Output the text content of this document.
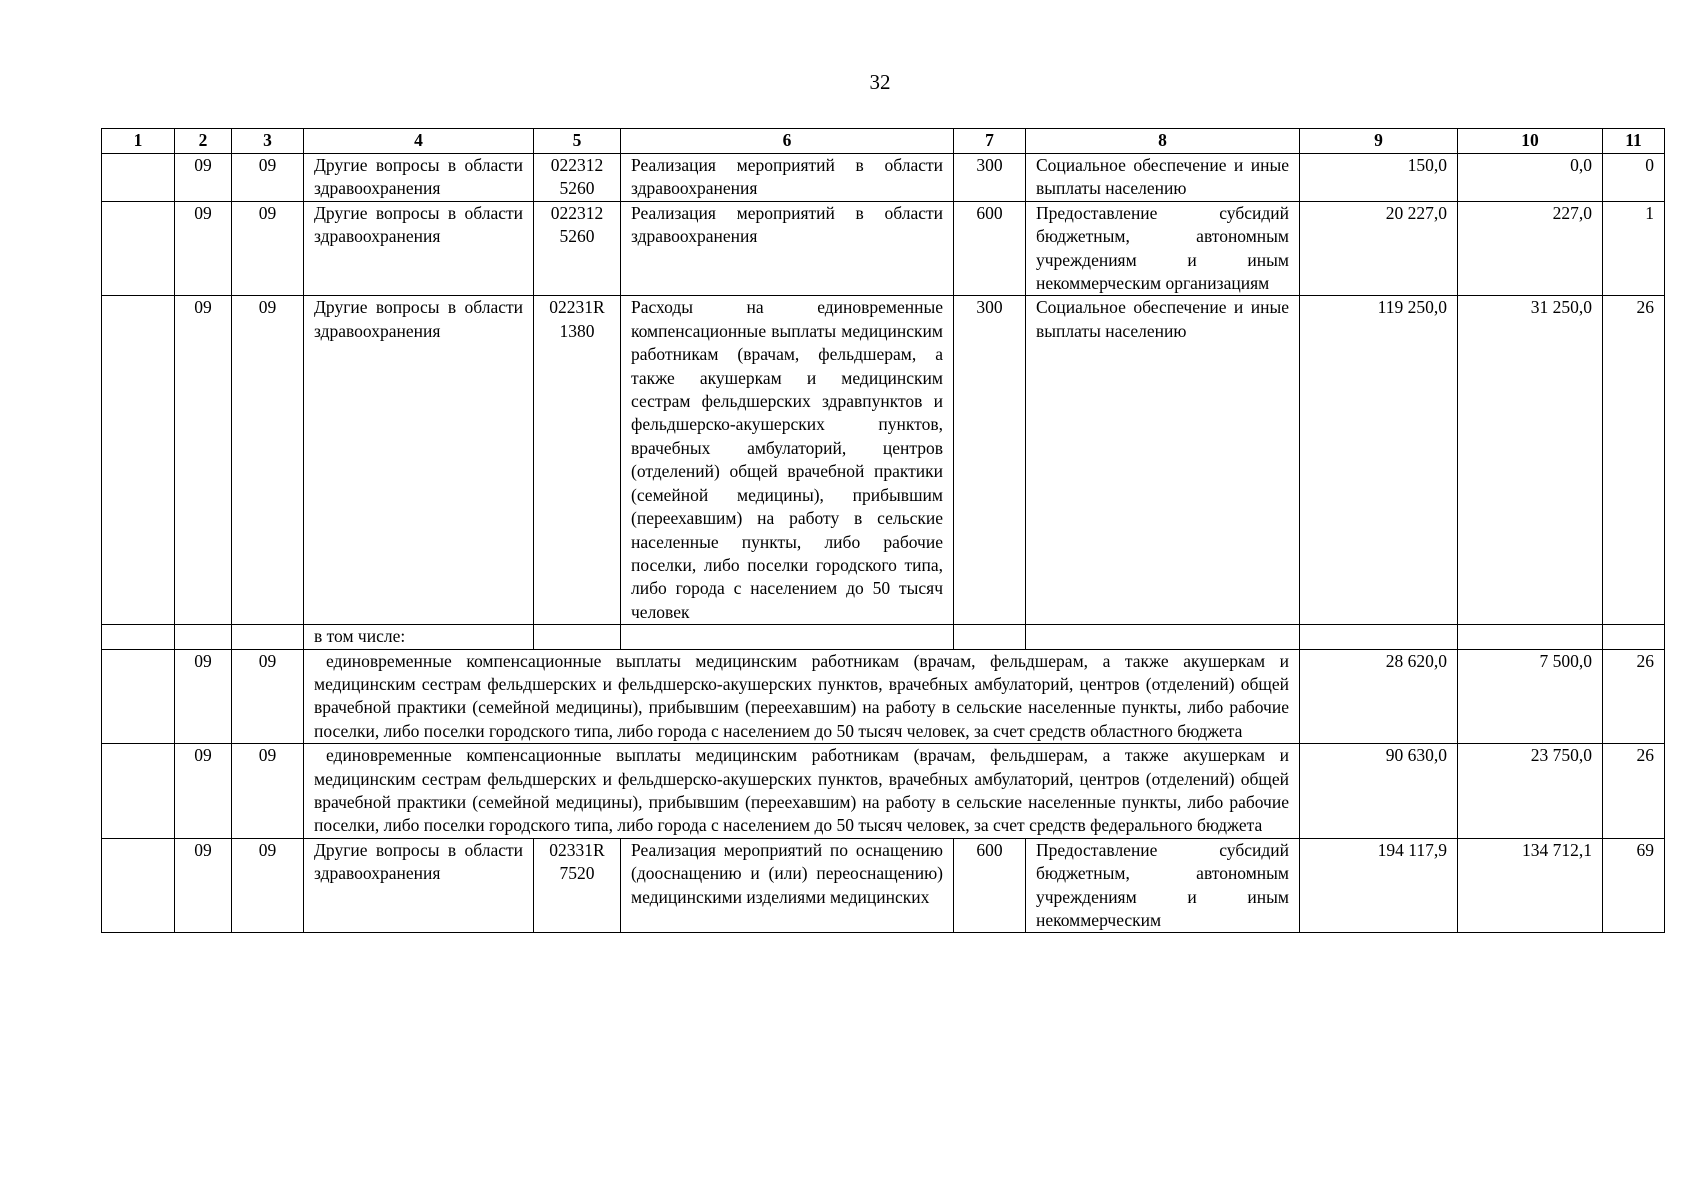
32
1	2	3	4	5	6	7	8	9	10	11
	09	09	Другие вопросы в области здравоохранения	022312 5260	Реализация мероприятий в области здравоохранения	300	Социальное обеспечение и иные выплаты населению	150,0	0,0	0
	09	09	Другие вопросы в области здравоохранения	022312 5260	Реализация мероприятий в области здравоохранения	600	Предоставление субсидий бюджетным, автономным учреждениям и иным некоммерческим организациям	20 227,0	227,0	1
	09	09	Другие вопросы в области здравоохранения	02231R 1380	Расходы на единовременные компенсационные выплаты медицинским работникам (врачам, фельдшерам, а также акушеркам и медицинским сестрам фельдшерских здравпунктов и фельдшерско-акушерских пунктов, врачебных амбулаторий, центров (отделений) общей врачебной практики (семейной медицины), прибывшим (переехавшим) на работу в сельские населенные пункты, либо рабочие поселки, либо поселки городского типа, либо города с населением до 50 тысяч человек	300	Социальное обеспечение и иные выплаты населению	119 250,0	31 250,0	26
			в том числе:							
	09	09	единовременные компенсационные выплаты медицинским работникам (врачам, фельдшерам, а также акушеркам и медицинским сестрам фельдшерских и фельдшерско-акушерских пунктов, врачебных амбулаторий, центров (отделений) общей врачебной практики (семейной медицины), прибывшим (переехавшим) на работу в сельские населенные пункты, либо рабочие поселки, либо поселки городского типа, либо города с населением до 50 тысяч человек, за счет средств областного бюджета					28 620,0	7 500,0	26
	09	09	единовременные компенсационные выплаты медицинским работникам (врачам, фельдшерам, а также акушеркам и медицинским сестрам фельдшерских и фельдшерско-акушерских пунктов, врачебных амбулаторий, центров (отделений) общей врачебной практики (семейной медицины), прибывшим (переехавшим) на работу в сельские населенные пункты, либо рабочие поселки, либо поселки городского типа, либо города с населением до 50 тысяч человек, за счет средств федерального бюджета					90 630,0	23 750,0	26
	09	09	Другие вопросы в области здравоохранения	02331R 7520	Реализация мероприятий по оснащению (дооснащению и (или) переоснащению) медицинскими изделиями медицинских	600	Предоставление субсидий бюджетным, автономным учреждениям и иным некоммерческим	194 117,9	134 712,1	69
